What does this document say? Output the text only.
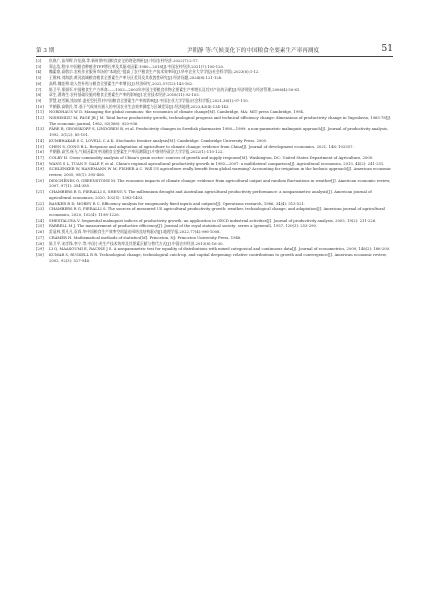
第 3 期	尹朝静 等:气候变化下的中国粮食全要素生产率再测度	51
[2]	仇焕广,苗翠畔,许佳漪,等.新时期中国粮食安全的理论辨析[J].中国农村经济,2022(7):2-17.
[3]	郑志浩,程申.中国粮食种植业TFP增长率及其驱动因素:1980—2018[J].中国农村经济,2021(7):100-120.
[4]	魏素豪,高敬宗.农机作业服务市场的“本地化”提高了农户粮食生产技术效率吗[J].华中农业大学学报(社会科学版),2023(6):1-12.
[5]	王维林,刘海滨.黄河流域粮食粮食全要素生产率分区差异及其收敛性研究[J].经济问题,2024(8):121-128.
[6]	高鸣,魏佳朔.收入性补贴与粮食全要素生产率增长[J].经济研究,2022,57(12):143-162.
[7]	陈卫平,郑娟军.中国粮食生产力革命——1953—2003年中国主要粮食作物全要素生产率增长及其对产出的贡献[J].经济理论与经济管理,2006(4):50-61.
[8]	章生,曹海生.农村基础设施对粮食全要素生产率的影响[J].农业技术经济,2018(11):92-103.
[9]	罗慧,赵雪颖,钱加荣.委托型托管对中国粮食全要素生产率的影响[J].中国农业大学学报(社会科学版),2021,38(1):97-110.
[10]	尹朝静,高敬民,等.基于气候效应嵌入的中国农业生态效率测度与区域差异[J].经济地理,2023,43(4):134-143.
[11]	NORDHAUS W D. Managing the global commons: the economics of climate change[M]. Cambridge, MA: MIT press Cambridge, 1994.
[12]	NISHIMIZU M, PAGE JR J M. Total factor productivity growth, technological progress and technical efficiency change: dimensions of productivity change in Yugoslavia, 1965-78[J]. The economic journal, 1982, 92(368): 920-936.
[13]	FÄRE R, GROSSKOPF S, LINDGREN B, et al. Productivity changes in Swedish pharmacies 1980—1989: a non-parametric malmquist approach[J]. Journal of productivity analysis, 1992, 3(1/2): 85-101.
[14]	KUMBHAKAR S C, LOVELL C A K. Stochastic frontier analysis[M]. Cambridge: Cambridge University Press, 2000.
[15]	CHEN S, GONG B L. Response and adaptation of agriculture to climate change: evidence from China[J]. Journal of development economics, 2021, 148: 102557.
[16]	尹朝静,高雪,杨飞.气候因素对中国粮食全要素生产率再测算[J].中南财经政法大学学报,2022(1):110-122.
[17]	COLBY H. Cross-commodity analysis of China's grain sector: sources of growth and supply response[M]. Washington, DC: United States Department of Agriculture, 2000.
[18]	WANG S L, TUAN F, GALE F, et al. China's regional agricultural productivity growth in 1985—2007: a multilateral comparison[J]. Agricultural economics, 2013, 44(2): 241-251.
[19]	SCHLENKER W, HANEMANN W M, FISHER A C. Will US agriculture really benefit from global warming? Accounting for irrigation in the hedonic approach[J]. American economic review, 2005, 95(1): 395-406.
[20]	DESCHÊNES O, GREENSTONE M. The economic impacts of climate change: evidence from agricultural output and random fluctuations in weather[J]. American economic review, 2007, 97(1): 354-385.
[21]	CHAMBERS R G, PIERALLI S, SHENG Y. The millennium drought and Australian agricultural productivity performance: a nonparametric analysis[J]. American journal of agricultural economics, 2020, 102(5): 1383-1403.
[22]	BANKER R D, MOREY R C. Efficiency analysis for exogenously fixed inputs and outputs[J]. Operations research, 1986, 34(4): 513-521.
[23]	CHAMBERS R G, PIERALLI S. The sources of measured US agricultural productivity growth: weather, technological change, and adaptation[J]. American journal of agricultural economics, 2020, 102(4): 1198-1226.
[24]	SHESTALOVA V. Sequential malmquist indices of productivity growth: an application to OECD industrial activities[J]. Journal of productivity analysis, 2003, 19(2): 211-226.
[25]	FARRELL M J. The measurement of productive efficiency[J]. Journal of the royal statistical society: series a (general), 1957, 120(3): 253-290.
[26]	雷显林,贾凡凡,袁尚.华中国粮食生产效率空间溢出网络及结构驱动[J].地理学报,2022,77(4):996-1008.
[27]	CRAMÉR H. Mathematical methods of statistics[M]. Princeton, NJ: Princeton University Press, 1946.
[28]	陈卫平,宋彦锋,李宁,等.中国小麦生产技术效率及其要素贡献与替代方式[J].中国农村经济,2013(8):16-30.
[29]	LI Q, MAASOUMI E, RACINE J S. A nonparametric test for equality of distributions with mixed categorical and continuous data[J]. Journal of econometrics, 2009, 148(2): 186-200.
[30]	KUMAR S, RUSSELL R R. Technological change, technological catch-up, and capital deepening: relative contributions to growth and convergence[J]. American economic review, 2002, 92(3): 527-548.
